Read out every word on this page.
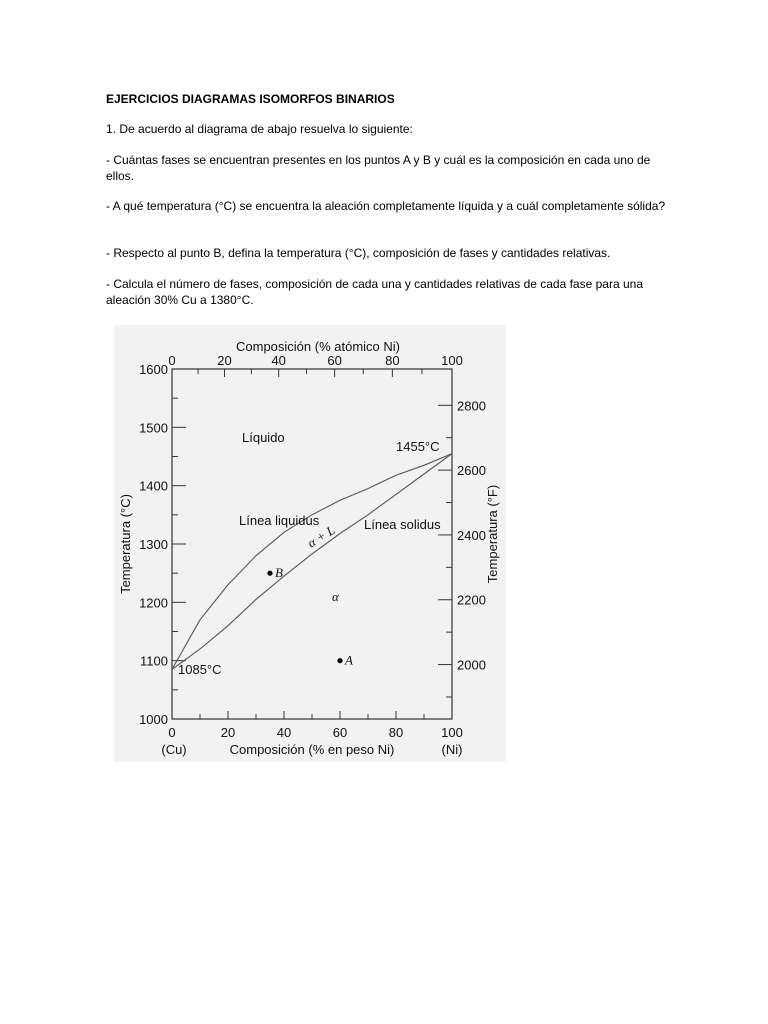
EJERCICIOS DIAGRAMAS ISOMORFOS BINARIOS
1. De acuerdo al diagrama de abajo resuelva lo siguiente:
- Cuántas fases se encuentran presentes en los puntos A y B y cuál es la composición en cada uno de ellos.
- A qué temperatura (°C) se encuentra la aleación completamente líquida y a cuál completamente sólida?
- Respecto al punto B, defina la temperatura (°C), composición de fases y cantidades relativas.
- Calcula el número de fases, composición de cada una y cantidades relativas de cada fase para una aleación 30% Cu a 1380°C.
0	20	40	60	80	100
(Cu)	(Ni)
Composición (% en peso Ni)
0	20	40	60	80	100
Composición (% atómico Ni)
1000
1100
1200
1300
1400
1500
1600
Temperatura (°C)
2000
2200
2400
2600
2800
Temperatura (°F)
A
B
Líquido
Línea liquidus	Línea solidus
α + L
α
1455°C
1085°C
